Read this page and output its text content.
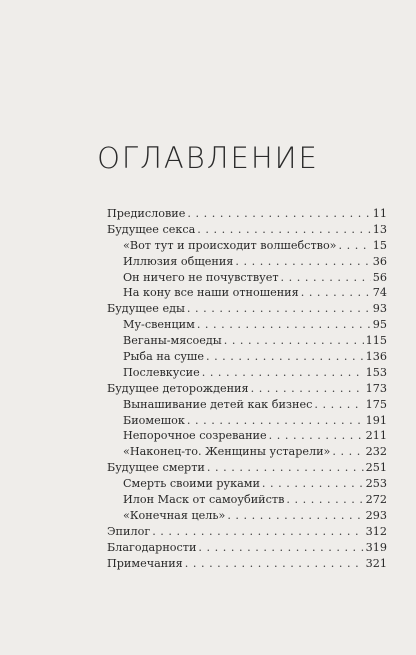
ОГЛАВЛЕНИЕ
Предисловие . . .	11
Будущее секса . . .	13
«Вот тут и происходит волшебство» . . .	15
Иллюзия общения . . .	36
Он ничего не почувствует . . .	56
На кону все наши отношения . . .	74
Будущее еды . . .	93
Му-свенцим . . .	95
Веганы-мясоеды . . .	115
Рыба на суше . . .	136
Послевкусие . . .	153
Будущее деторождения . . .	173
Вынашивание детей как бизнес . . .	175
Биомешок . . .	191
Непорочное созревание . . .	211
«Наконец-то. Женщины устарели» . . .	232
Будущее смерти . . .	251
Смерть своими руками . . .	253
Илон Маск от самоубийств . . .	272
«Конечная цель» . . .	293
Эпилог . . .	312
Благодарности . . .	319
Примечания . . .	321
